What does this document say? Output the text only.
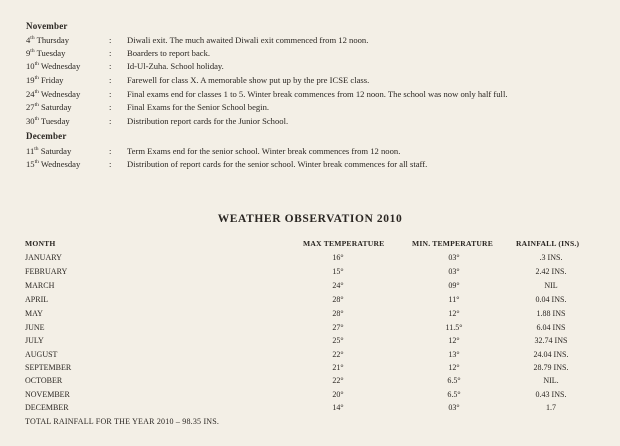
November
4th Thursday	: Diwali exit. The much awaited Diwali exit commenced from 12 noon.
9th Tuesday	: Boarders to report back.
10th Wednesday	: Id-Ul-Zuha. School holiday.
19th Friday	: Farewell for class X. A memorable show put up by the pre ICSE class.
24th Wednesday	: Final exams end for classes 1 to 5. Winter break commences from 12 noon. The school was now only half full.
27th Saturday	: Final Exams for the Senior School begin.
30th Tuesday	: Distribution report cards for the Junior School.
December
11th Saturday	: Term Exams end for the senior school. Winter break commences from 12 noon.
15th Wednesday	: Distribution of report cards for the senior school. Winter break commences for all staff.
WEATHER OBSERVATION 2010
MONTH	MAX TEMPERATURE	MIN. TEMPERATURE	RAINFALL (INS.)
JANUARY	16°	03°	.3 INS.
FEBRUARY	15°	03°	2.42 INS.
MARCH	24°	09°	NIL
APRIL	28°	11°	0.04 INS.
MAY	28°	12°	1.88 INS
JUNE	27°	11.5°	6.04 INS
JULY	25°	12°	32.74 INS
AUGUST	22°	13°	24.04 INS.
SEPTEMBER	21°	12°	28.79 INS.
OCTOBER	22°	6.5°	NIL.
NOVEMBER	20°	6.5°	0.43 INS.
DECEMBER	14°	03°	1.7
TOTAL RAINFALL FOR THE YEAR 2010 – 98.35 INS.
